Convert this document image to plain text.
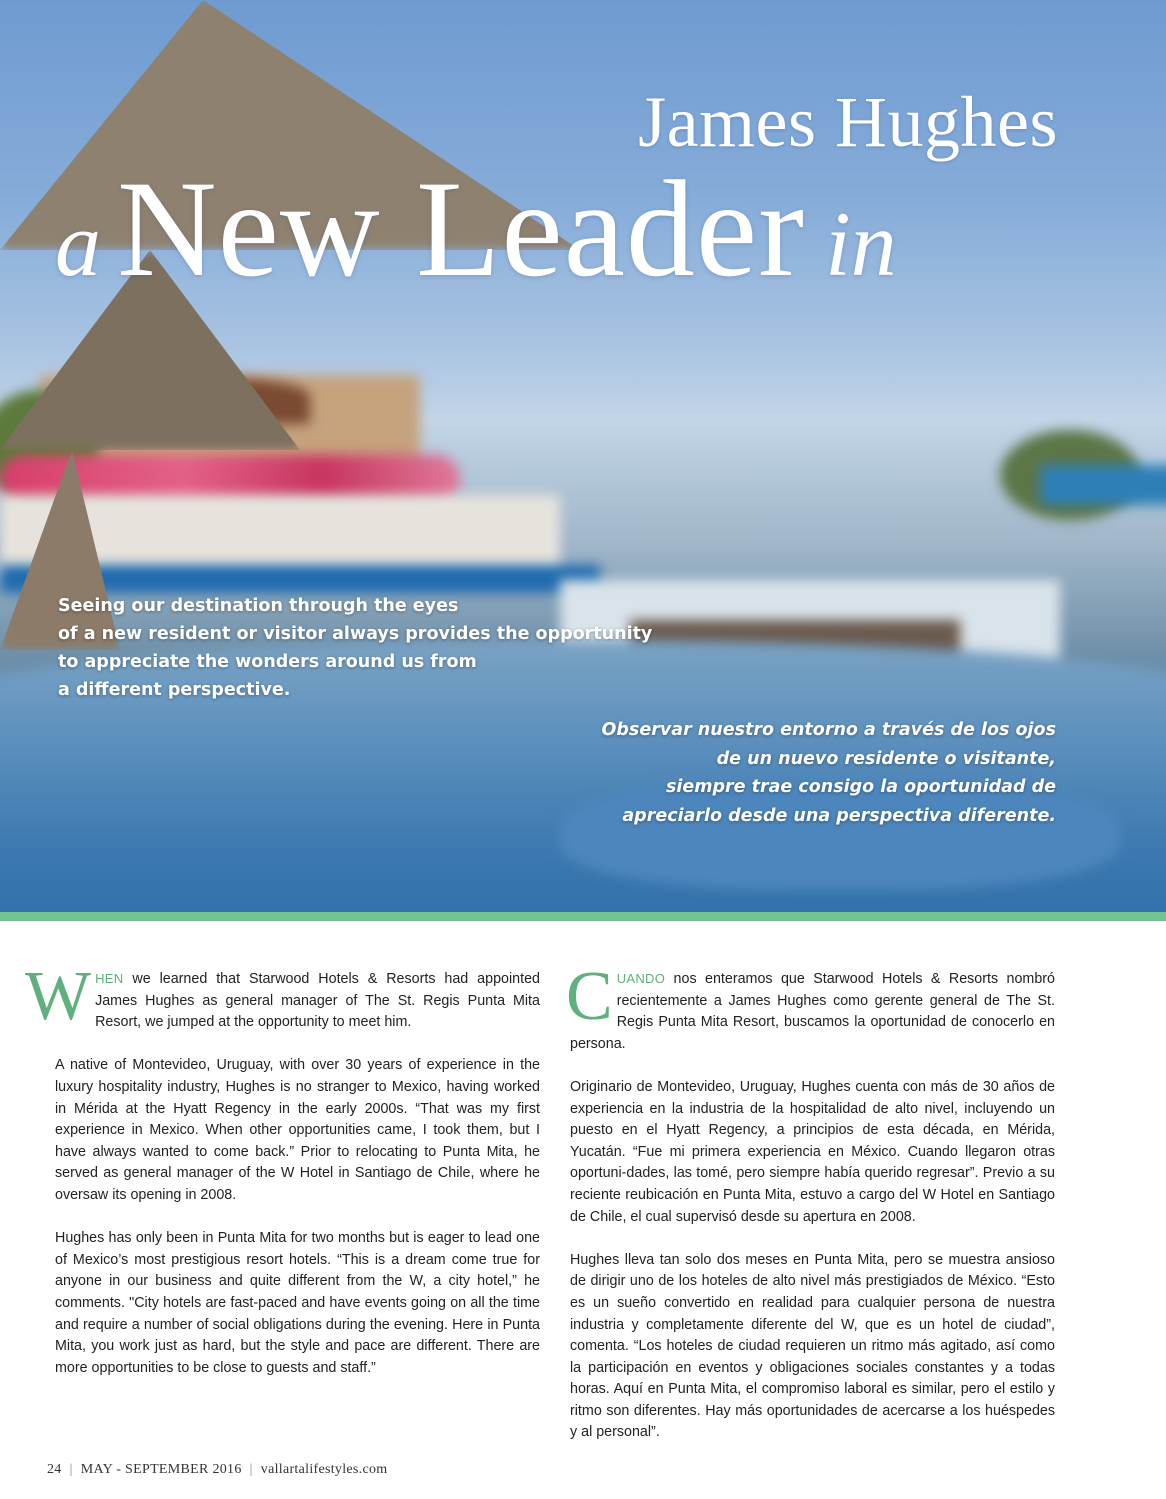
James Hughes
a New Leader in

Seeing our destination through the eyes
of a new resident or visitor always provides the opportunity
to appreciate the wonders around us from
a different perspective.

Observar nuestro entorno a través de los ojos
de un nuevo residente o visitante,
siempre trae consigo la oportunidad de
apreciarlo desde una perspectiva diferente.

WHEN we learned that Starwood Hotels & Resorts had appointed James Hughes as general manager of The St. Regis Punta Mita Resort, we jumped at the opportunity to meet him.

A native of Montevideo, Uruguay, with over 30 years of experience in the luxury hospitality industry, Hughes is no stranger to Mexico, having worked in Mérida at the Hyatt Regency in the early 2000s. “That was my first experience in Mexico. When other opportunities came, I took them, but I have always wanted to come back.” Prior to relocating to Punta Mita, he served as general manager of the W Hotel in Santiago de Chile, where he oversaw its opening in 2008.

Hughes has only been in Punta Mita for two months but is eager to lead one of Mexico’s most prestigious resort hotels. “This is a dream come true for anyone in our business and quite different from the W, a city hotel,” he comments. "City hotels are fast-paced and have events going on all the time and require a number of social obligations during the evening. Here in Punta Mita, you work just as hard, but the style and pace are different. There are more opportunities to be close to guests and staff.”

CUANDO nos enteramos que Starwood Hotels & Resorts nombró recientemente a James Hughes como gerente general de The St. Regis Punta Mita Resort, buscamos la oportunidad de conocerlo en persona.

Originario de Montevideo, Uruguay, Hughes cuenta con más de 30 años de experiencia en la industria de la hospitalidad de alto nivel, incluyendo un puesto en el Hyatt Regency, a principios de esta década, en Mérida, Yucatán. “Fue mi primera experiencia en México. Cuando llegaron otras oportuni-dades, las tomé, pero siempre había querido regresar”. Previo a su reciente reubicación en Punta Mita, estuvo a cargo del W Hotel en Santiago de Chile, el cual supervisó desde su apertura en 2008.

Hughes lleva tan solo dos meses en Punta Mita, pero se muestra ansioso de dirigir uno de los hoteles de alto nivel más prestigiados de México. “Esto es un sueño convertido en realidad para cualquier persona de nuestra industria y completamente diferente del W, que es un hotel de ciudad”, comenta. “Los hoteles de ciudad requieren un ritmo más agitado, así como la participación en eventos y obligaciones sociales constantes y a todas horas. Aquí en Punta Mita, el compromiso laboral es similar, pero el estilo y ritmo son diferentes. Hay más oportunidades de acercarse a los huéspedes y al personal”.

24 | MAY - SEPTEMBER 2016 | vallartalifestyles.com
